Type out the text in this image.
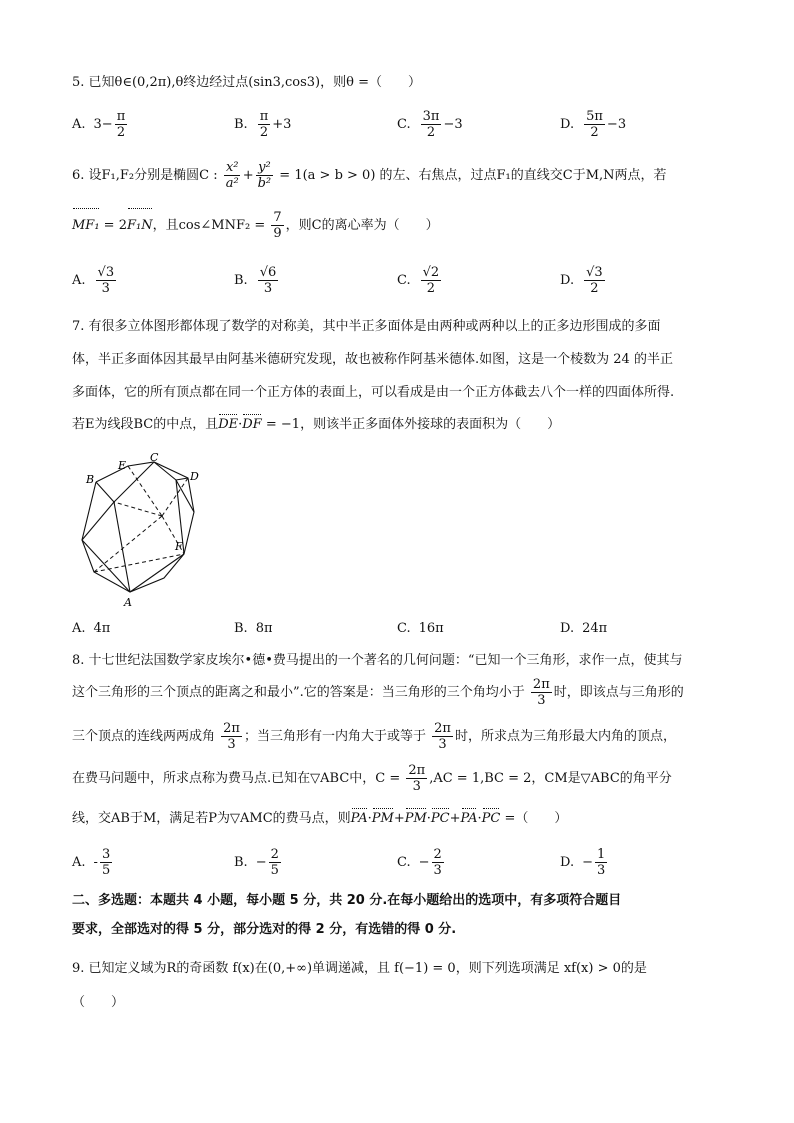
5. 已知θ∈(0,2π),θ终边经过点(sin3,cos3)，则θ =（　　）
A. $3- \frac{\pi}{2}$	B. $\frac{\pi}{2} +3$	C. $\frac{3\pi}{2} -3$	D. $\frac{5\pi}{2} -3$
6. 设F₁,F₂分别是椭圆C : $\frac{\text{x²}}{\text{a²}} + \frac{\text{y²}}{\text{b²}} = 1(a > b > 0)$ 的左、右焦点，过点F₁的直线交C于M,N两点，若
MF₁ = 2F₁N，且cos∠MNF₂ = $\frac{7}{9}$ ，则C的离心率为（　　）
A. $\frac{√3}{3}$	B. $\frac{√6}{3}$	C. $\frac{√2}{2}$	D. $\frac{√3}{2}$
7. 有很多立体图形都体现了数学的对称美，其中半正多面体是由两种或两种以上的正多边形围成的多面
体，半正多面体因其最早由阿基米德研究发现，故也被称作阿基米德体.如图，这是一个棱数为 24 的半正
多面体，它的所有顶点都在同一个正方体的表面上，可以看成是由一个正方体截去八个一样的四面体所得.
若E为线段BC的中点，且DE·DF = −1，则该半正多面体外接球的表面积为（　　）
B
E
C
D
F
A
A. 4π	B. 8π	C. 16π	D. 24π
8. 十七世纪法国数学家皮埃尔•德•费马提出的一个著名的几何问题：“已知一个三角形，求作一点，使其与
这个三角形的三个顶点的距离之和最小”.它的答案是：当三角形的三个角均小于 $\frac{2\pi}{3}$ 时，即该点与三角形的
三个顶点的连线两两成角 $\frac{2\pi}{3}$ ；当三角形有一内角大于或等于 $\frac{2\pi}{3}$ 时，所求点为三角形最大内角的顶点，
在费马问题中，所求点称为费马点.已知在▽ABC中，$C = \frac{2\pi}{3} ,AC = 1,BC = 2$，CM是▽ABC的角平分
线，交AB于M，满足若P为▽AMC的费马点，则PA·PM+PM·PC+PA·PC =（　　）
A. - $\frac{3}{5}$	B. − $\frac{2}{5}$	C. − $\frac{2}{3}$	D. − $\frac{1}{3}$
二、多选题：本题共 4 小题，每小题 5 分，共 20 分.在每小题给出的选项中，有多项符合题目
要求，全部选对的得 5 分，部分选对的得 2 分，有选错的得 0 分.
9. 已知定义域为R的奇函数 f(x)在(0,+∞)单调递减，且 f(−1) = 0，则下列选项满足 xf(x) > 0的是
（　　）
